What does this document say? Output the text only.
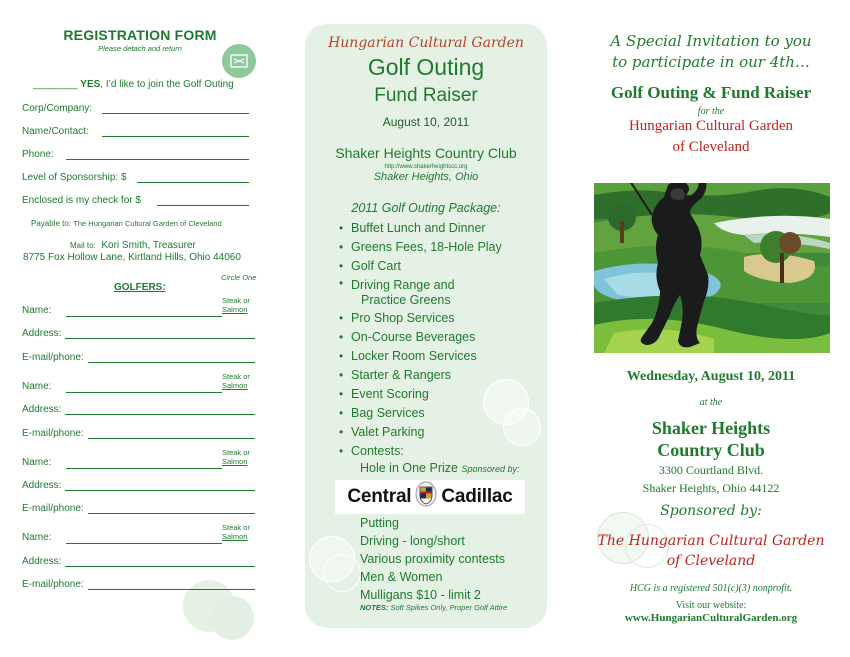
REGISTRATION FORM
Please detach and return
________ YES, I’d like to join the Golf Outing
Corp/Company:
Name/Contact:
Phone:
Level of Sponsorship: $
Enclosed is my check for $
Payable to: The Hungarian Cultural Garden of Cleveland
Mail to: Kori Smith, Treasurer
8775 Fox Hollow Lane, Kirtland Hills, Ohio 44060
Circle One
GOLFERS:
Steak or
Salmon
Name:
Address:
E-mail/phone:
Steak or
Salmon
Name:
Address:
E-mail/phone:
Steak or
Salmon
Name:
Address:
E-mail/phone:
Steak or
Salmon
Name:
Address:
E-mail/phone:
Hungarian Cultural Garden
Golf Outing
Fund Raiser
August 10, 2011
Shaker Heights Country Club
http://www.shakerheightscc.org
Shaker Heights, Ohio
2011 Golf Outing Package:
• Buffet Lunch and Dinner
• Greens Fees, 18-Hole Play
• Golf Cart
• Driving Range and
Practice Greens
• Pro Shop Services
• On-Course Beverages
• Locker Room Services
• Starter & Rangers
• Event Scoring
• Bag Services
• Valet Parking
• Contests:
Hole in One Prize Sponsored by:
Central Cadillac
Putting
Driving - long/short
Various proximity contests
Men & Women
Mulligans $10 - limit 2
NOTES: Soft Spikes Only, Proper Golf Attire
A Special Invitation to you
to participate in our 4th…
Golf Outing & Fund Raiser
for the
Hungarian Cultural Garden
of Cleveland
Wednesday, August 10, 2011
at the
Shaker Heights
Country Club
3300 Courtland Blvd.
Shaker Heights, Ohio 44122
Sponsored by:
The Hungarian Cultural Garden
of Cleveland
HCG is a registered 501(c)(3) nonprofit.
Visit our website:
www.HungarianCulturalGarden.org
